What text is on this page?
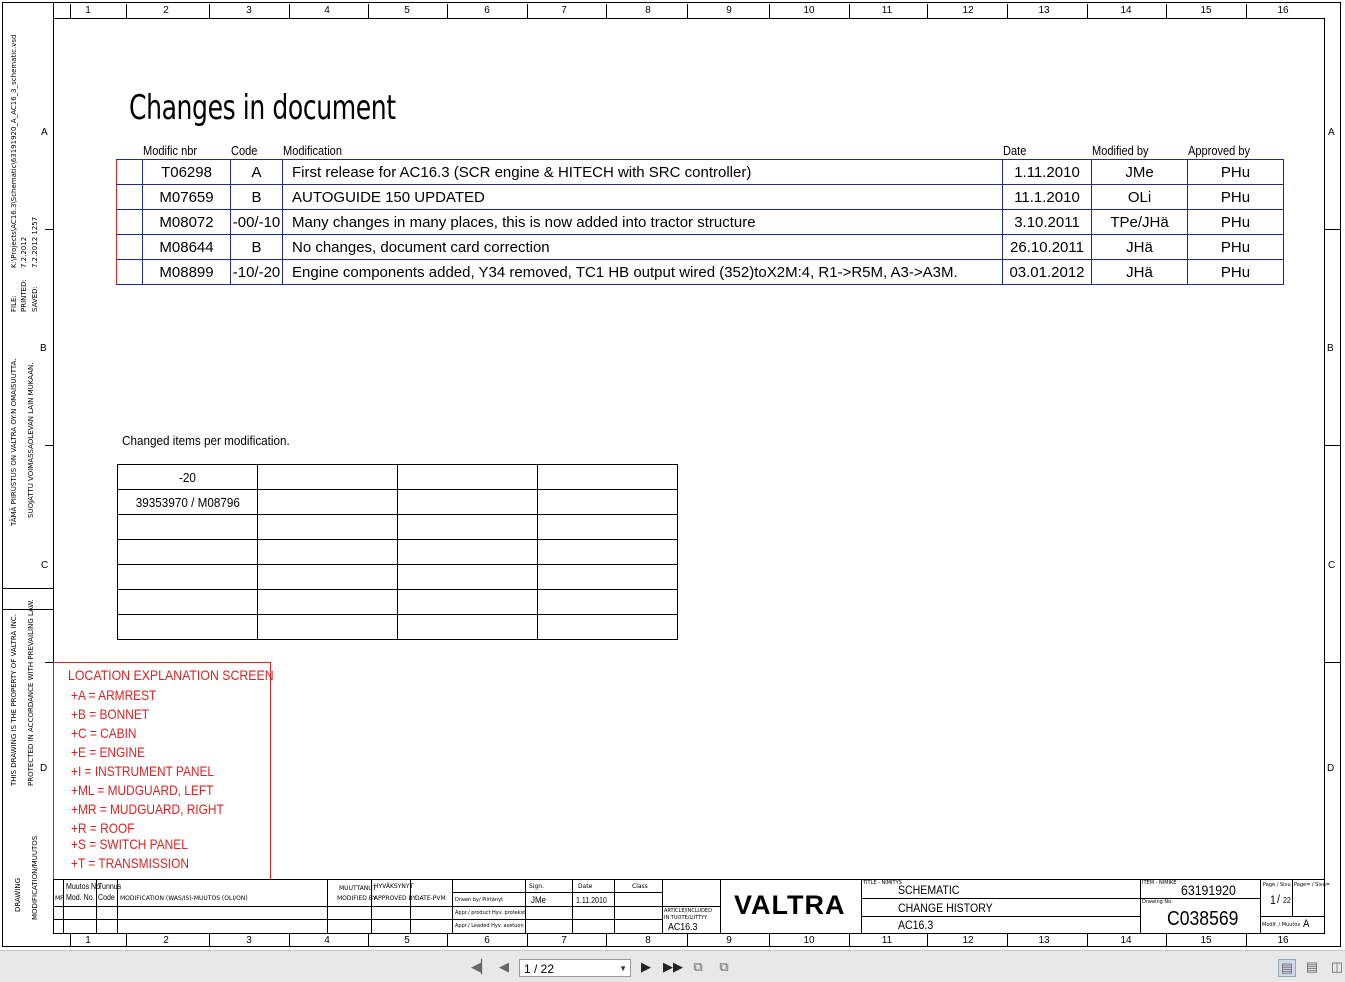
1	2	3	4	5	6	7	8	9	10	11	12	13	14	15	16
1	2	3	4	5	6	7	8	9	10	11	12	13	14	15	16
A	A
B	B
C	C
D	D
FILE: PRINTED: SAVED:
K:\Projects\AC16.3\Schematic\63191920_A_AC16_3_schematic.vsd 7.2.2012 7.2.2012 1257
TÄMÄ PIIRUSTUS ON VALTRA OY:N OMAISUUTTA. SUOJATTU VOIMASSAOLEVAN LAIN MUKAAN.
THIS DRAWING IS THE PROPERTY OF VALTRA INC. PROTECTED IN ACCORDANCE WITH PREVAILING LAW.
DRAWING MODIFICATION/MUUTOS
Changes in document
Modific nbr	Code Modification	Date	Modified by	Approved by
	T06298	A	First release for AC16.3 (SCR engine & HITECH with SRC controller)	1.11.2010	JMe	PHu
	M07659	B	AUTOGUIDE 150 UPDATED	11.1.2010	OLi	PHu
	M08072	-00/-10	Many changes in many places, this is now added into tractor structure	3.10.2011	TPe/JHä	PHu
	M08644	B	No changes, document card correction	26.10.2011	JHä	PHu
	M08899	-10/-20	Engine components added, Y34 removed, TC1 HB output wired (352)toX2M:4, R1->R5M, A3->A3M.	03.01.2012	JHä	PHu
Changed items per modification.
-20			
39353970 / M08796			

LOCATION EXPLANATION SCREEN
+A = ARMREST
+B = BONNET
+C = CABIN
+E = ENGINE
+I = INSTRUMENT PANEL
+ML = MUDGUARD, LEFT
+MR = MUDGUARD, RIGHT
+R = ROOF
+S = SWITCH PANEL
+T = TRANSMISSION
MF
Muutos No
Mod. No.
Tunnus
Code MODIFICATION (WAS/IS)-MUUTOS (OLI/ON)
MUUTTANUT
MODIFIED BY
HYVÄKSYNYT
APPROVED BY
DATE-PVM
Sign.	Date	Class
Drawn by/ Piirtänyt	JMe	1.11.2010
Appr./ product Hyv. protekst
Appr./ Leaded Hyv. asetuon
ARTICLE/INCLUDED IN TUOTE/LIITTYY
AC16.3
VALTRA
TITLE - NIMITYS
SCHEMATIC
CHANGE HISTORY
AC16.3
ITEM - NIMIKE 63191920
Drawing No.
C038569
Page / Sivu
1 / 22
Page= / Sivu=
Modif. / Muutos A
◀▏ ◀	1 / 22	▼ ▶ ▶▶ ⧉ ⧉	▤ ▤ ◫
